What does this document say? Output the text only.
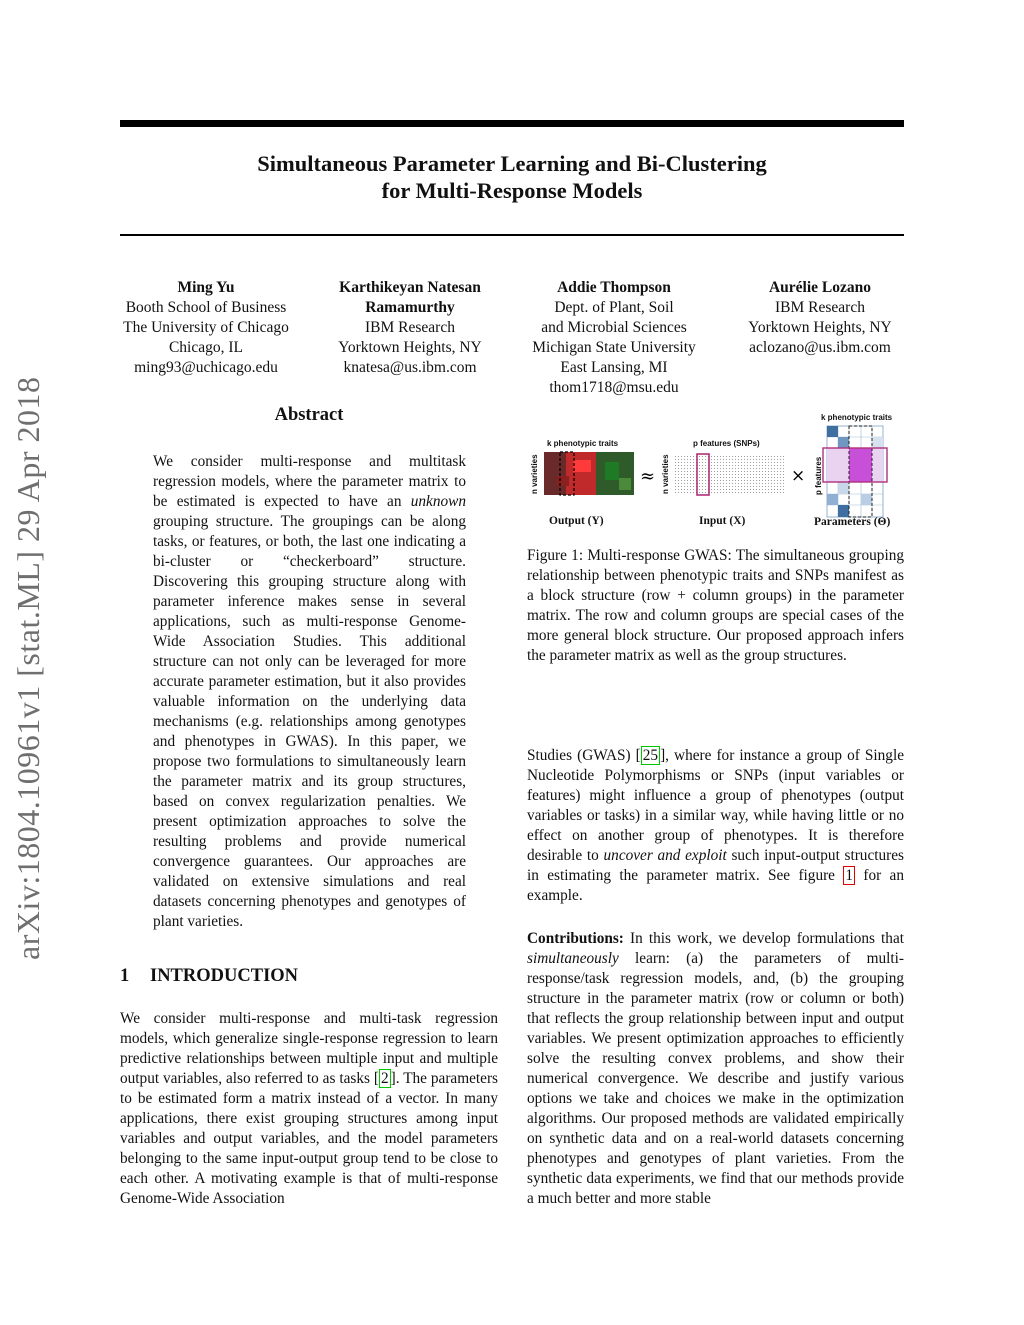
Simultaneous Parameter Learning and Bi-Clustering
for Multi-Response Models
arXiv:1804.10961v1 [stat.ML] 29 Apr 2018
Ming Yu
Booth School of Business
The University of Chicago
Chicago, IL
ming93@uchicago.edu
Karthikeyan Natesan Ramamurthy
IBM Research
Yorktown Heights, NY
knatesa@us.ibm.com
Addie Thompson
Dept. of Plant, Soil
and Microbial Sciences
Michigan State University
East Lansing, MI
thom1718@msu.edu
Aurélie Lozano
IBM Research
Yorktown Heights, NY
aclozano@us.ibm.com
Abstract
We consider multi-response and multitask regression models, where the parameter matrix to be estimated is expected to have an unknown grouping structure. The groupings can be along tasks, or features, or both, the last one indicating a bi-cluster or “checkerboard” structure. Discovering this grouping structure along with parameter inference makes sense in several applications, such as multi-response Genome-Wide Association Studies. This additional structure can not only can be leveraged for more accurate parameter estimation, but it also provides valuable information on the underlying data mechanisms (e.g. relationships among genotypes and phenotypes in GWAS). In this paper, we propose two formulations to simultaneously learn the parameter matrix and its group structures, based on convex regularization penalties. We present optimization approaches to solve the resulting problems and provide numerical convergence guarantees. Our approaches are validated on extensive simulations and real datasets concerning phenotypes and genotypes of plant varieties.
1 INTRODUCTION
We consider multi-response and multi-task regression models, which generalize single-response regression to learn predictive relationships between multiple input and multiple output variables, also referred to as tasks [ 2 ]. The parameters to be estimated form a matrix instead of a vector. In many applications, there exist grouping structures among input variables and output variables, and the model parameters belonging to the same input-output group tend to be close to each other. A motivating example is that of multi-response Genome-Wide Association
k phenotypic traits
k phenotypic traits	p features (SNPs)
n varieties	n varieties	p features
≈	×
Output (Y)	Input (X)	Parameters (Θ)
Figure 1: Multi-response GWAS: The simultaneous grouping relationship between phenotypic traits and SNPs manifest as a block structure (row + column groups) in the parameter matrix. The row and column groups are special cases of the more general block structure. Our proposed approach infers the parameter matrix as well as the group structures.
Studies (GWAS) [ 25 ], where for instance a group of Single Nucleotide Polymorphisms or SNPs (input variables or features) might influence a group of phenotypes (output variables or tasks) in a similar way, while having little or no effect on another group of phenotypes. It is therefore desirable to uncover and exploit such input-output structures in estimating the parameter matrix. See figure 1 for an example.
Contributions: In this work, we develop formulations that simultaneously learn: (a) the parameters of multi-response/task regression models, and, (b) the grouping structure in the parameter matrix (row or column or both) that reflects the group relationship between input and output variables. We present optimization approaches to efficiently solve the resulting convex problems, and show their numerical convergence. We describe and justify various options we take and choices we make in the optimization algorithms. Our proposed methods are validated empirically on synthetic data and on a real-world datasets concerning phenotypes and genotypes of plant varieties. From the synthetic data experiments, we find that our methods provide a much better and more stable
